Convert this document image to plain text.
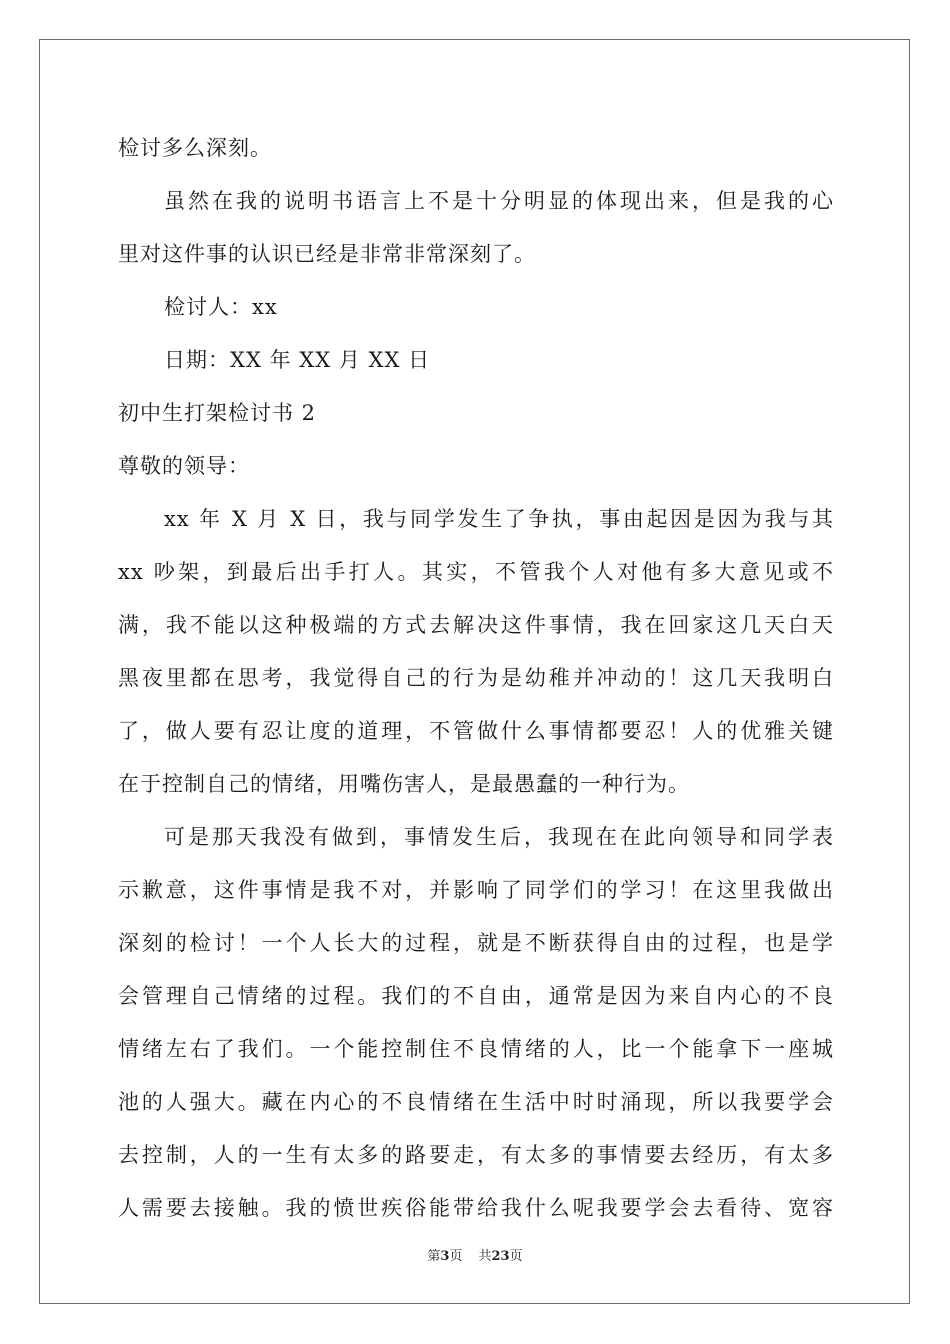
检讨多么深刻。
虽然在我的说明书语言上不是十分明显的体现出来，但是我的心
里对这件事的认识已经是非常非常深刻了。
检讨人：xx
日期：XX 年 XX 月 XX 日
初中生打架检讨书 2
尊敬的领导：
xx 年 X 月 X 日，我与同学发生了争执，事由起因是因为我与其
xx 吵架，到最后出手打人。其实，不管我个人对他有多大意见或不
满，我不能以这种极端的方式去解决这件事情，我在回家这几天白天
黑夜里都在思考，我觉得自己的行为是幼稚并冲动的！这几天我明白
了，做人要有忍让度的道理，不管做什么事情都要忍！人的优雅关键
在于控制自己的情绪，用嘴伤害人，是最愚蠢的一种行为。
可是那天我没有做到，事情发生后，我现在在此向领导和同学表
示歉意，这件事情是我不对，并影响了同学们的学习！在这里我做出
深刻的检讨！一个人长大的过程，就是不断获得自由的过程，也是学
会管理自己情绪的过程。我们的不自由，通常是因为来自内心的不良
情绪左右了我们。一个能控制住不良情绪的人，比一个能拿下一座城
池的人强大。藏在内心的不良情绪在生活中时时涌现，所以我要学会
去控制，人的一生有太多的路要走，有太多的事情要去经历，有太多
人需要去接触。我的愤世疾俗能带给我什么呢我要学会去看待、宽容
第3页 共23页
